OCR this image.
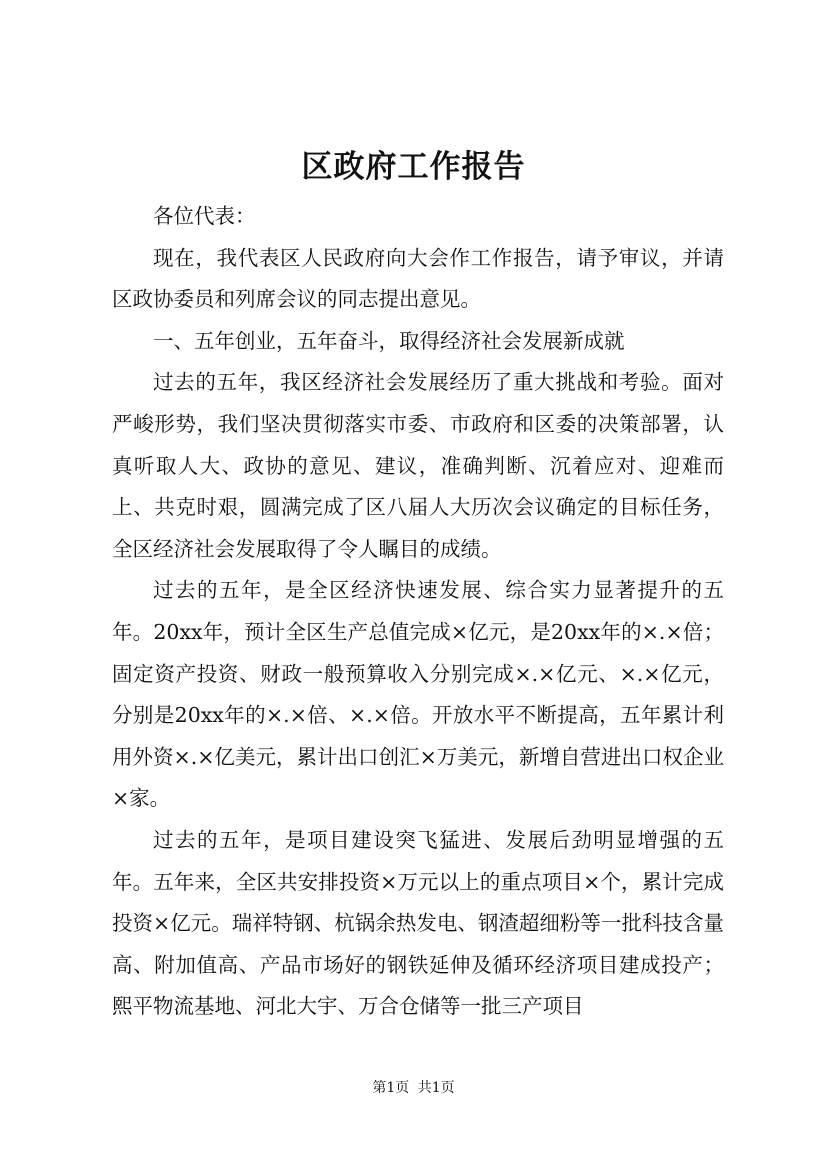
区政府工作报告

各位代表：

现在，我代表区人民政府向大会作工作报告，请予审议，并请区政协委员和列席会议的同志提出意见。

一、五年创业，五年奋斗，取得经济社会发展新成就

过去的五年，我区经济社会发展经历了重大挑战和考验。面对严峻形势，我们坚决贯彻落实市委、市政府和区委的决策部署，认真听取人大、政协的意见、建议，准确判断、沉着应对、迎难而上、共克时艰，圆满完成了区八届人大历次会议确定的目标任务，全区经济社会发展取得了令人瞩目的成绩。

过去的五年，是全区经济快速发展、综合实力显著提升的五年。20xx年，预计全区生产总值完成×亿元，是20xx年的×.×倍；固定资产投资、财政一般预算收入分别完成×.×亿元、×.×亿元，分别是20xx年的×.×倍、×.×倍。开放水平不断提高，五年累计利用外资×.×亿美元，累计出口创汇×万美元，新增自营进出口权企业×家。

过去的五年，是项目建设突飞猛进、发展后劲明显增强的五年。五年来，全区共安排投资×万元以上的重点项目×个，累计完成投资×亿元。瑞祥特钢、杭锅余热发电、钢渣超细粉等一批科技含量高、附加值高、产品市场好的钢铁延伸及循环经济项目建成投产；熙平物流基地、河北大宇、万合仓储等一批三产项目

第1页 共1页
